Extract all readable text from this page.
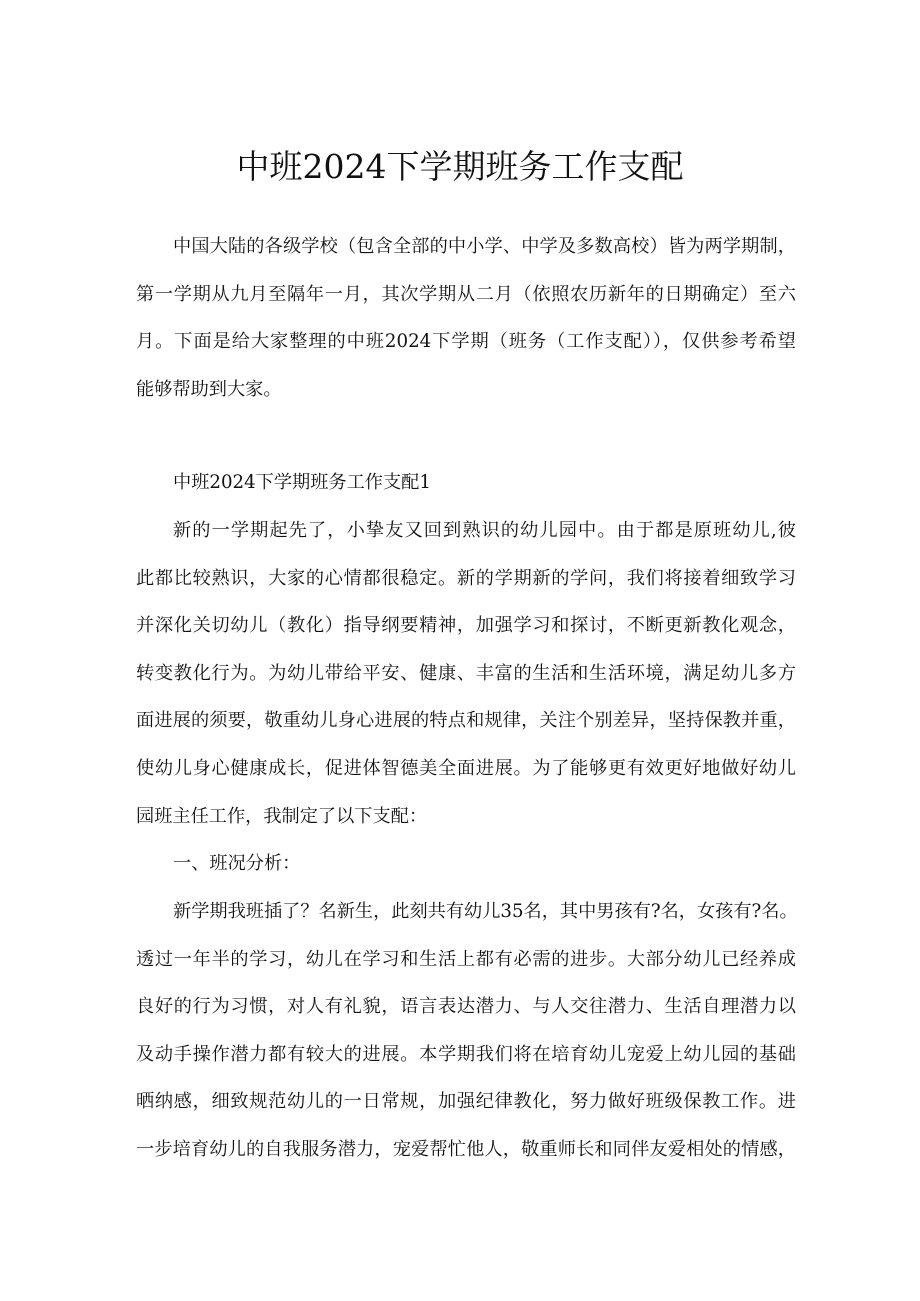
中班2024下学期班务工作支配
中国大陆的各级学校（包含全部的中小学、中学及多数高校）皆为两学期制，
第一学期从九月至隔年一月，其次学期从二月（依照农历新年的日期确定）至六
月。下面是给大家整理的中班2024下学期（班务（工作支配）），仅供参考希望
能够帮助到大家。

中班2024下学期班务工作支配1

新的一学期起先了，小挚友又回到熟识的幼儿园中。由于都是原班幼儿,彼
此都比较熟识，大家的心情都很稳定。新的学期新的学问，我们将接着细致学习
并深化关切幼儿（教化）指导纲要精神，加强学习和探讨，不断更新教化观念，
转变教化行为。为幼儿带给平安、健康、丰富的生活和生活环境，满足幼儿多方
面进展的须要，敬重幼儿身心进展的特点和规律，关注个别差异，坚持保教并重，
使幼儿身心健康成长，促进体智德美全面进展。为了能够更有效更好地做好幼儿
园班主任工作，我制定了以下支配：

一、班况分析：

新学期我班插了？名新生，此刻共有幼儿35名，其中男孩有?名，女孩有?名。
透过一年半的学习，幼儿在学习和生活上都有必需的进步。大部分幼儿已经养成
良好的行为习惯，对人有礼貌，语言表达潜力、与人交往潜力、生活自理潜力以
及动手操作潜力都有较大的进展。本学期我们将在培育幼儿宠爱上幼儿园的基础
晒纳感，细致规范幼儿的一日常规，加强纪律教化，努力做好班级保教工作。进
一步培育幼儿的自我服务潜力，宠爱帮忙他人，敬重师长和同伴友爱相处的情感，
